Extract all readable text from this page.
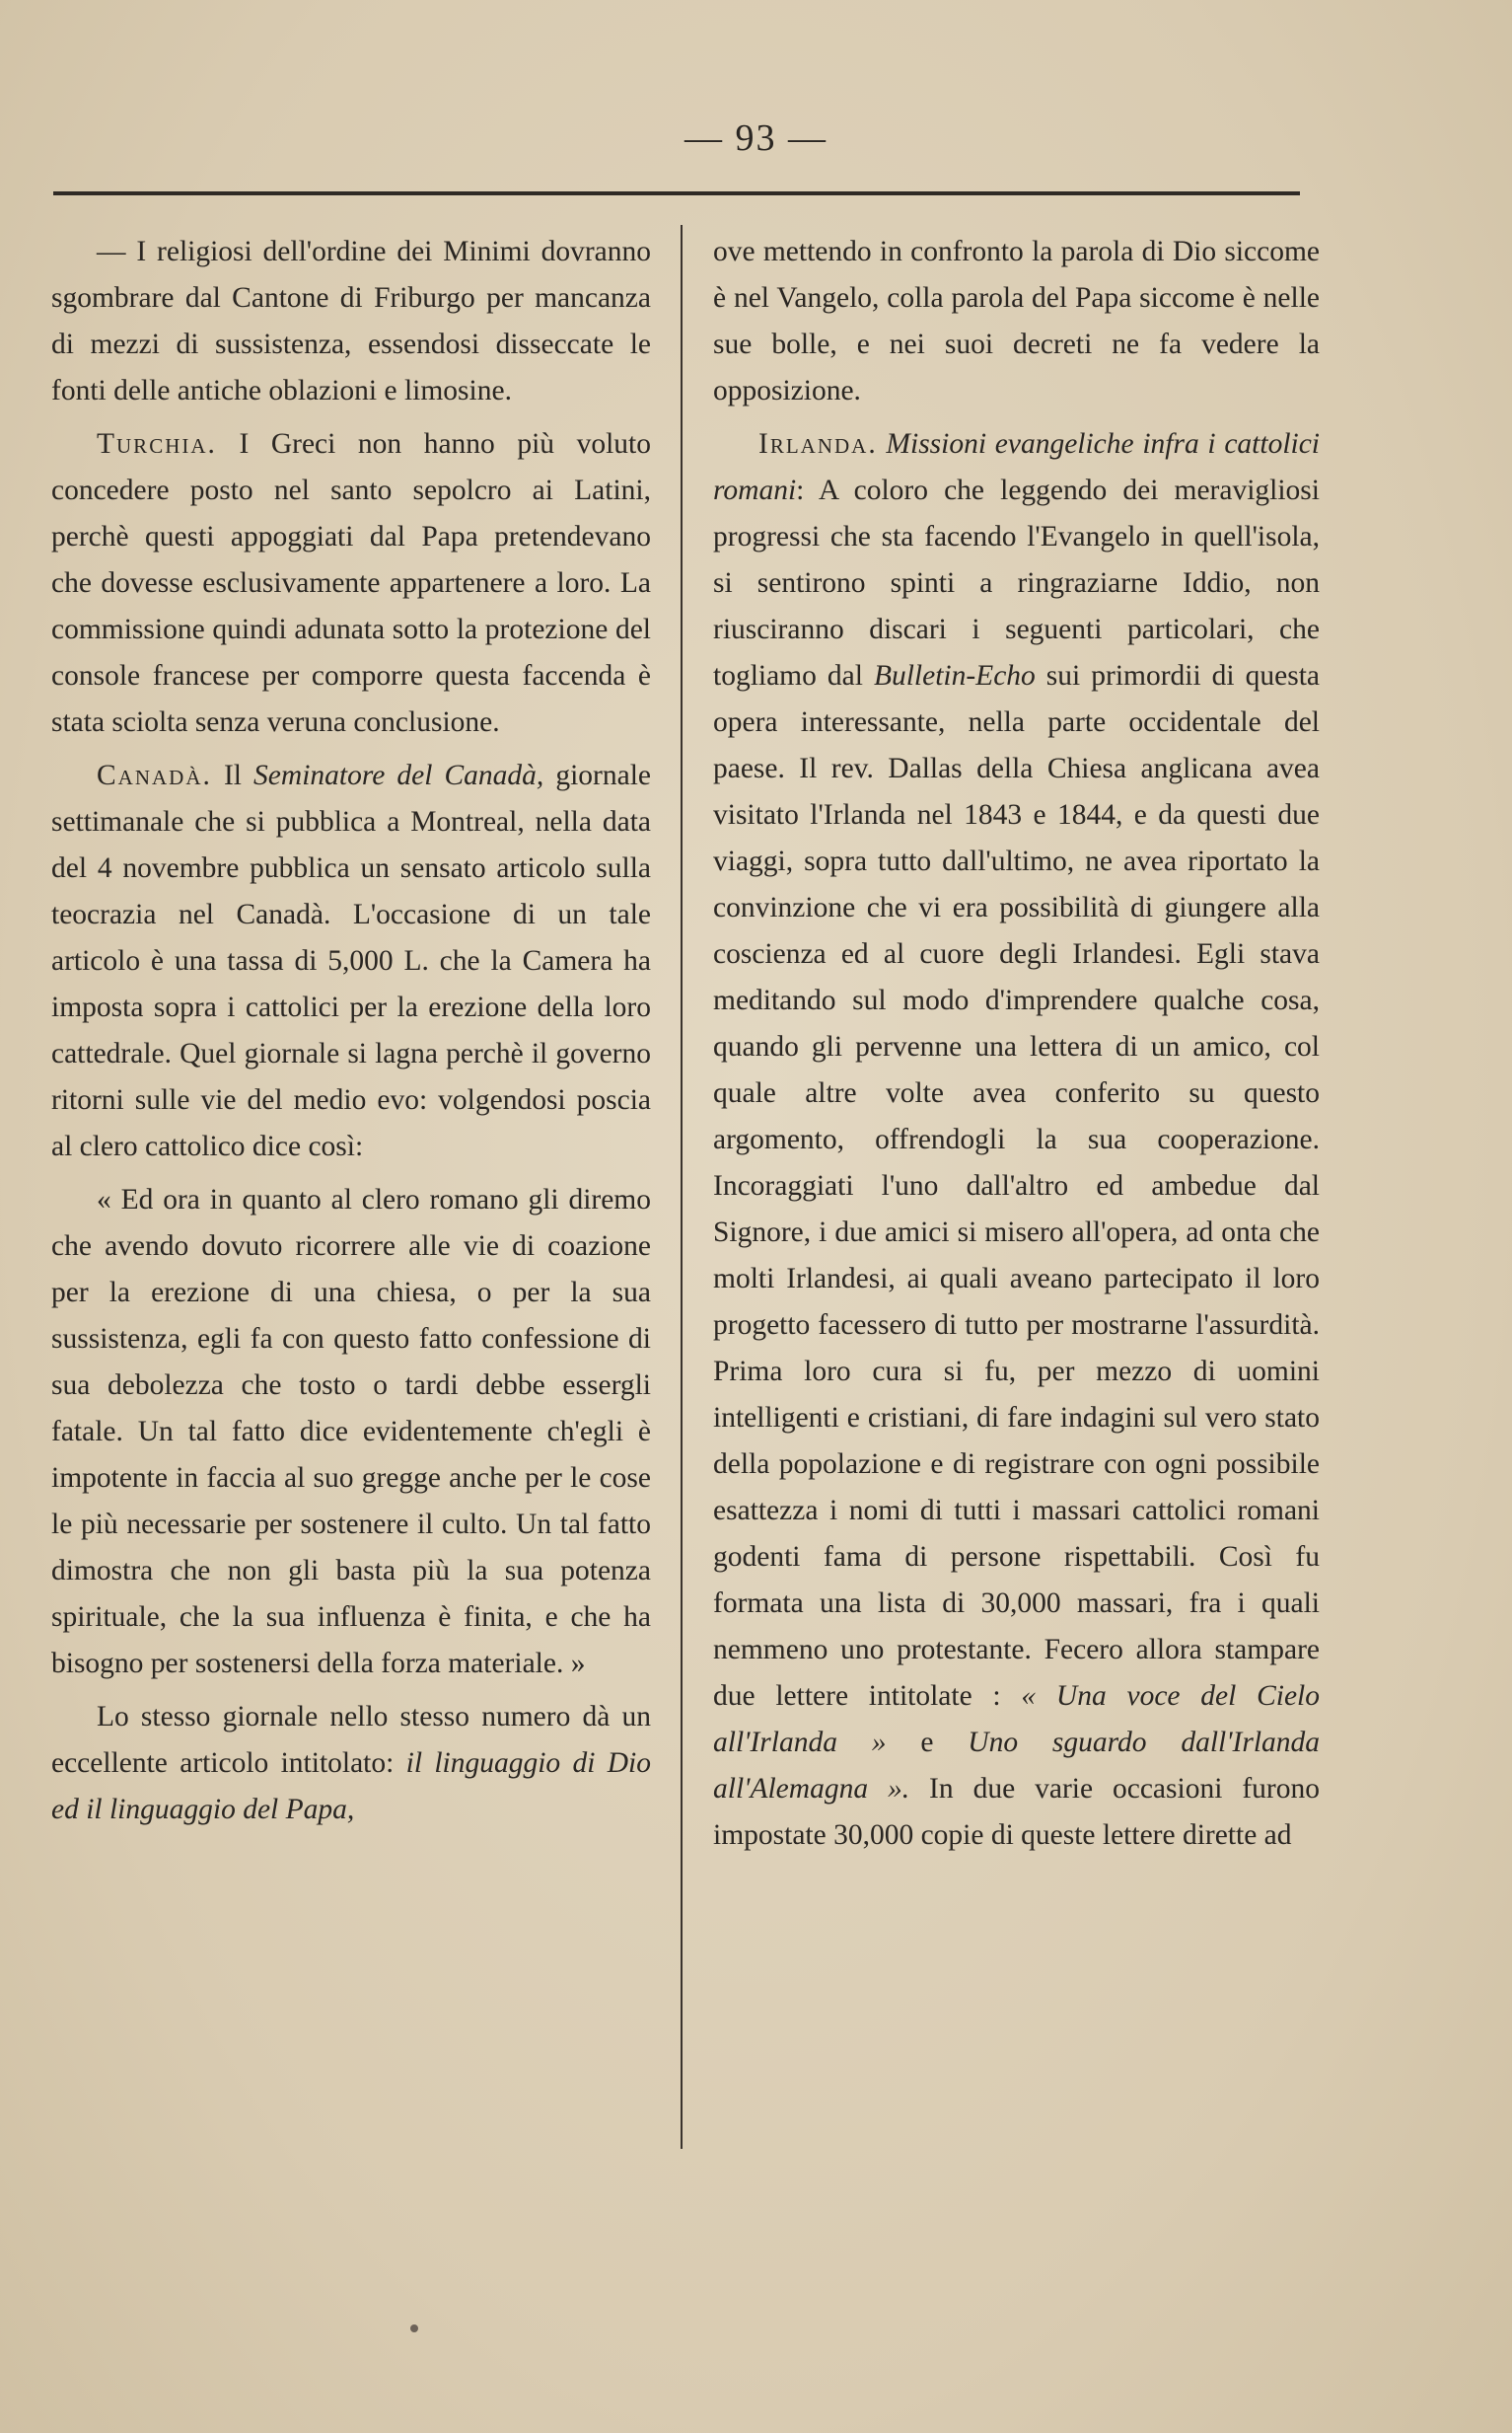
— 93 —

— I religiosi dell'ordine dei Minimi dovranno sgombrare dal Cantone di Friburgo per mancanza di mezzi di sussistenza, essendosi disseccate le fonti delle antiche oblazioni e limosine.

Turchia. I Greci non hanno più voluto concedere posto nel santo sepolcro ai Latini, perchè questi appoggiati dal Papa pretendevano che dovesse esclusivamente appartenere a loro. La commissione quindi adunata sotto la protezione del console francese per comporre questa faccenda è stata sciolta senza veruna conclusione.

Canadà. Il Seminatore del Canadà, giornale settimanale che si pubblica a Montreal, nella data del 4 novembre pubblica un sensato articolo sulla teocrazia nel Canadà. L'occasione di un tale articolo è una tassa di 5,000 L. che la Camera ha imposta sopra i cattolici per la erezione della loro cattedrale. Quel giornale si lagna perchè il governo ritorni sulle vie del medio evo: volgendosi poscia al clero cattolico dice così:

« Ed ora in quanto al clero romano gli diremo che avendo dovuto ricorrere alle vie di coazione per la erezione di una chiesa, o per la sua sussistenza, egli fa con questo fatto confessione di sua debolezza che tosto o tardi debbe essergli fatale. Un tal fatto dice evidentemente ch'egli è impotente in faccia al suo gregge anche per le cose le più necessarie per sostenere il culto. Un tal fatto dimostra che non gli basta più la sua potenza spirituale, che la sua influenza è finita, e che ha bisogno per sostenersi della forza materiale. »

Lo stesso giornale nello stesso numero dà un eccellente articolo intitolato: il linguaggio di Dio ed il linguaggio del Papa,

ove mettendo in confronto la parola di Dio siccome è nel Vangelo, colla parola del Papa siccome è nelle sue bolle, e nei suoi decreti ne fa vedere la opposizione.

Irlanda. Missioni evangeliche infra i cattolici romani: A coloro che leggendo dei meravigliosi progressi che sta facendo l'Evangelo in quell'isola, si sentirono spinti a ringraziarne Iddio, non riusciranno discari i seguenti particolari, che togliamo dal Bulletin-Echo sui primordii di questa opera interessante, nella parte occidentale del paese. Il rev. Dallas della Chiesa anglicana avea visitato l'Irlanda nel 1843 e 1844, e da questi due viaggi, sopra tutto dall'ultimo, ne avea riportato la convinzione che vi era possibilità di giungere alla coscienza ed al cuore degli Irlandesi. Egli stava meditando sul modo d'imprendere qualche cosa, quando gli pervenne una lettera di un amico, col quale altre volte avea conferito su questo argomento, offrendogli la sua cooperazione. Incoraggiati l'uno dall'altro ed ambedue dal Signore, i due amici si misero all'opera, ad onta che molti Irlandesi, ai quali aveano partecipato il loro progetto facessero di tutto per mostrarne l'assurdità. Prima loro cura si fu, per mezzo di uomini intelligenti e cristiani, di fare indagini sul vero stato della popolazione e di registrare con ogni possibile esattezza i nomi di tutti i massari cattolici romani godenti fama di persone rispettabili. Così fu formata una lista di 30,000 massari, fra i quali nemmeno uno protestante. Fecero allora stampare due lettere intitolate : « Una voce del Cielo all'Irlanda » e Uno sguardo dall'Irlanda all'Alemagna ». In due varie occasioni furono impostate 30,000 copie di queste lettere dirette ad
